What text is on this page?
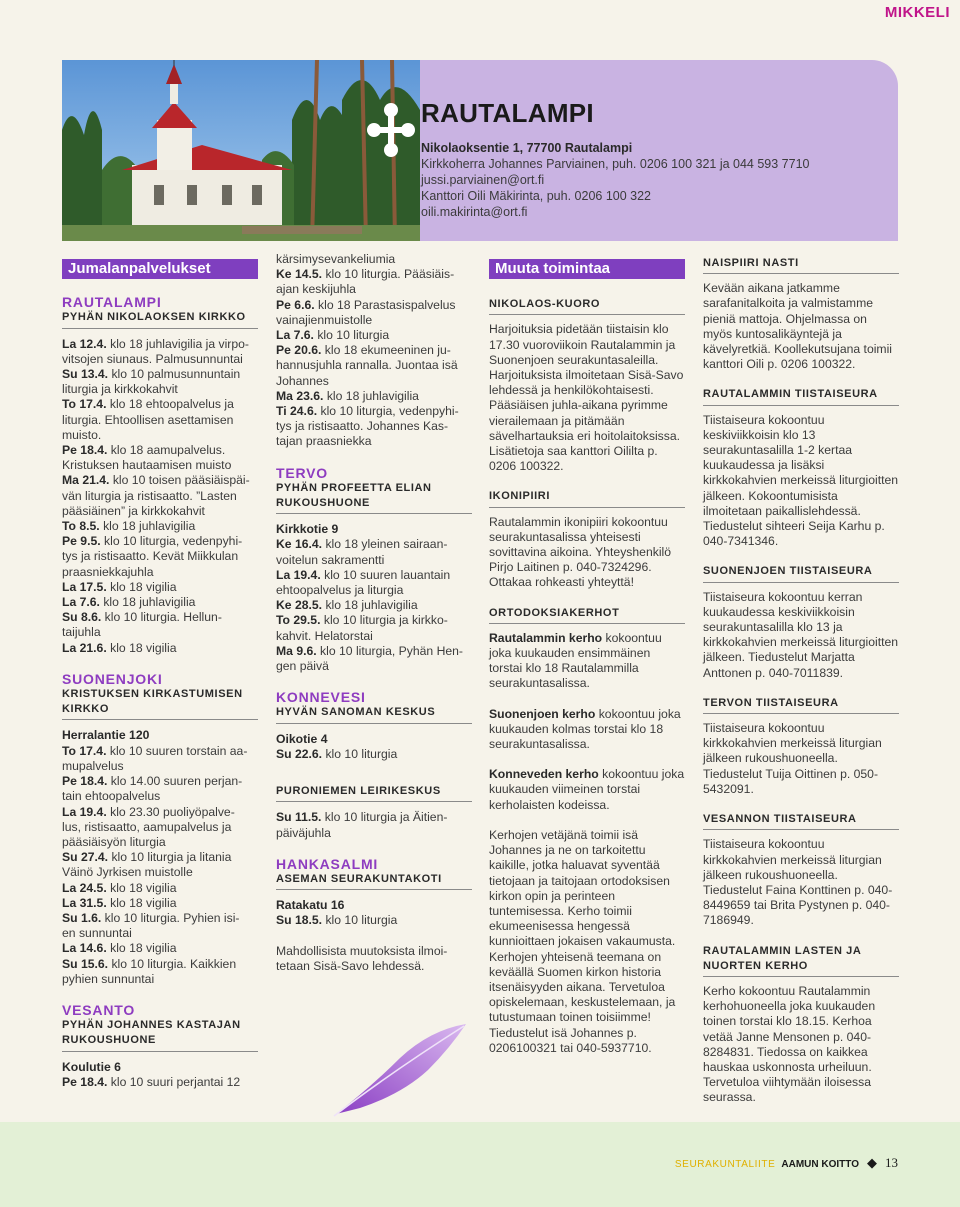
MIKKELI
RAUTALAMPI
Nikolaoksentie 1, 77700 Rautalampi
Kirkkoherra Johannes Parviainen, puh. 0206 100 321 ja 044 593 7710
jussi.parviainen@ort.fi
Kanttori Oili Mäkirinta, puh. 0206 100 322
oili.makirinta@ort.fi
Jumalanpalvelukset
RAUTALAMPI
PYHÄN NIKOLAOKSEN KIRKKO
La 12.4. klo 18 juhlavigilia ja virpo-
vitsojen siunaus. Palmusunnuntai
Su 13.4. klo 10 palmusunnuntain
liturgia ja kirkkokahvit
To 17.4. klo 18 ehtoopalvelus ja
liturgia. Ehtoollisen asettamisen
muisto.
Pe 18.4. klo 18 aamupalvelus.
Kristuksen hautaamisen muisto
Ma 21.4. klo 10 toisen pääsiäispäi-
vän liturgia ja ristisaatto. ”Lasten
pääsiäinen” ja kirkkokahvit
To 8.5. klo 18 juhlavigilia
Pe 9.5. klo 10 liturgia, vedenpyhi-
tys ja ristisaatto. Kevät Miikkulan
praasniekkajuhla
La 17.5. klo 18 vigilia
La 7.6. klo 18 juhlavigilia
Su 8.6. klo 10 liturgia. Hellun-
taijuhla
La 21.6. klo 18 vigilia
SUONENJOKI
KRISTUKSEN KIRKASTUMISEN KIRKKO
Herralantie 120
To 17.4. klo 10 suuren torstain aa-
mupalvelus
Pe 18.4. klo 14.00 suuren perjan-
tain ehtoopalvelus
La 19.4. klo 23.30 puoliyöpalve-
lus, ristisaatto, aamupalvelus ja
pääsiäisyön liturgia
Su 27.4. klo 10 liturgia ja litania
Väinö Jyrkisen muistolle
La 24.5. klo 18 vigilia
La 31.5. klo 18 vigilia
Su 1.6. klo 10 liturgia. Pyhien isi-
en sunnuntai
La 14.6. klo 18 vigilia
Su 15.6. klo 10 liturgia. Kaikkien
pyhien sunnuntai
VESANTO
PYHÄN JOHANNES KASTAJAN RUKOUSHUONE
Koulutie 6
Pe 18.4. klo 10 suuri perjantai 12
kärsimysevankeliumia
Ke 14.5. klo 10 liturgia. Pääsiäis-
ajan keskijuhla
Pe 6.6. klo 18 Parastasispalvelus
vainajienmuistolle
La 7.6. klo 10 liturgia
Pe 20.6. klo 18 ekumeeninen ju-
hannusjuhla rannalla. Juontaa isä
Johannes
Ma 23.6. klo 18 juhlavigilia
Ti 24.6. klo 10 liturgia, vedenpyhi-
tys ja ristisaatto. Johannes Kas-
tajan praasniekka
TERVO
PYHÄN PROFEETTA ELIAN RUKOUSHUONE
Kirkkotie 9
Ke 16.4. klo 18 yleinen sairaan-
voitelun sakramentti
La 19.4. klo 10 suuren lauantain
ehtoopalvelus ja liturgia
Ke 28.5. klo 18 juhlavigilia
To 29.5. klo 10 liturgia ja kirkko-
kahvit. Helatorstai
Ma 9.6. klo 10 liturgia, Pyhän Hen-
gen päivä
KONNEVESI
HYVÄN SANOMAN KESKUS
Oikotie 4
Su 22.6. klo 10 liturgia
PURONIEMEN LEIRIKESKUS
Su 11.5. klo 10 liturgia ja Äitien-
päiväjuhla
HANKASALMI
ASEMAN SEURAKUNTAKOTI
Ratakatu 16
Su 18.5. klo 10 liturgia

Mahdollisista muutoksista ilmoi-
tetaan Sisä-Savo lehdessä.
Muuta toimintaa
NIKOLAOS-KUORO
Harjoituksia pidetään tiistaisin klo 17.30 vuoroviikoin Rautalammin ja Suonenjoen seurakuntasaleilla. Harjoituksista ilmoitetaan Sisä-Savo lehdessä ja henkilökohtaisesti. Pääsiäisen juhla-aikana pyrimme vierailemaan ja pitämään sävelhartauksia eri hoitolaitoksissa. Lisätietoja saa kanttori Oililta p. 0206 100322.
IKONIPIIRI
Rautalammin ikonipiiri kokoontuu seurakuntasalissa yhteisesti sovittavina aikoina. Yhteyshenkilö Pirjo Laitinen p. 040-7324296. Ottakaa rohkeasti yhteyttä!
ORTODOKSIAKERHOT
Rautalammin kerho kokoontuu joka kuukauden ensimmäinen torstai klo 18 Rautalammilla seurakuntasalissa.
Suonenjoen kerho kokoontuu joka kuukauden kolmas torstai klo 18 seurakuntasalissa.
Konneveden kerho kokoontuu joka kuukauden viimeinen torstai kerholaisten kodeissa.
Kerhojen vetäjänä toimii isä Johannes ja ne on tarkoitettu kaikille, jotka haluavat syventää tietojaan ja taitojaan ortodoksisen kirkon opin ja perinteen tuntemisessa. Kerho toimii ekumeenisessa hengessä kunnioittaen jokaisen vakaumusta. Kerhojen yhteisenä teemana on keväällä Suomen kirkon historia itsenäisyyden aikana. Tervetuloa opiskelemaan, keskustelemaan, ja tutustumaan toinen toisiimme! Tiedustelut isä Johannes p. 0206100321 tai 040-5937710.
NAISPIIRI NASTI
Kevään aikana jatkamme sarafanitalkoita ja valmistamme pieniä mattoja. Ohjelmassa on myös kuntosalikäyntejä ja kävelyretkiä. Koollekutsujana toimii kanttori Oili p. 0206 100322.
RAUTALAMMIN TIISTAISEURA
Tiistaiseura kokoontuu keskiviikkoisin klo 13 seurakuntasalilla 1-2 kertaa kuukaudessa ja lisäksi kirkkokahvien merkeissä liturgioitten jälkeen. Kokoontumisista ilmoitetaan paikallislehdessä. Tiedustelut sihteeri Seija Karhu p. 040-7341346.
SUONENJOEN TIISTAISEURA
Tiistaiseura kokoontuu kerran kuukaudessa keskiviikkoisin seurakuntasalilla klo 13 ja kirkkokahvien merkeissä liturgioitten jälkeen. Tiedustelut Marjatta Anttonen p. 040-7011839.
TERVON TIISTAISEURA
Tiistaiseura kokoontuu kirkkokahvien merkeissä liturgian jälkeen rukoushuoneella. Tiedustelut Tuija Oittinen p. 050-5432091.
VESANNON TIISTAISEURA
Tiistaiseura kokoontuu kirkkokahvien merkeissä liturgian jälkeen rukoushuoneella. Tiedustelut Faina Konttinen p. 040-8449659 tai Brita Pystynen p. 040-7186949.
RAUTALAMMIN LASTEN JA NUORTEN KERHO
Kerho kokoontuu Rautalammin kerhohuoneella joka kuukauden toinen torstai klo 18.15. Kerhoa vetää Janne Mensonen p. 040-8284831. Tiedossa on kaikkea hauskaa uskonnosta urheiluun. Tervetuloa viihtymään iloisessa seurassa.
SEURAKUNTALIITE AAMUN KOITTO ◆ 13
